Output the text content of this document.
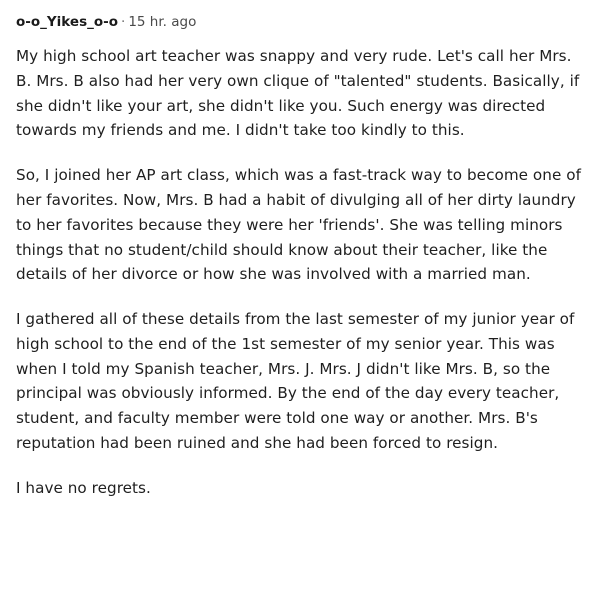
o-o_Yikes_o-o · 15 hr. ago

My high school art teacher was snappy and very rude. Let's call her Mrs. B. Mrs. B also had her very own clique of "talented" students. Basically, if she didn't like your art, she didn't like you. Such energy was directed towards my friends and me. I didn't take too kindly to this.

So, I joined her AP art class, which was a fast-track way to become one of her favorites. Now, Mrs. B had a habit of divulging all of her dirty laundry to her favorites because they were her 'friends'. She was telling minors things that no student/child should know about their teacher, like the details of her divorce or how she was involved with a married man.

I gathered all of these details from the last semester of my junior year of high school to the end of the 1st semester of my senior year. This was when I told my Spanish teacher, Mrs. J. Mrs. J didn't like Mrs. B, so the principal was obviously informed. By the end of the day every teacher, student, and faculty member were told one way or another. Mrs. B's reputation had been ruined and she had been forced to resign.

I have no regrets.
